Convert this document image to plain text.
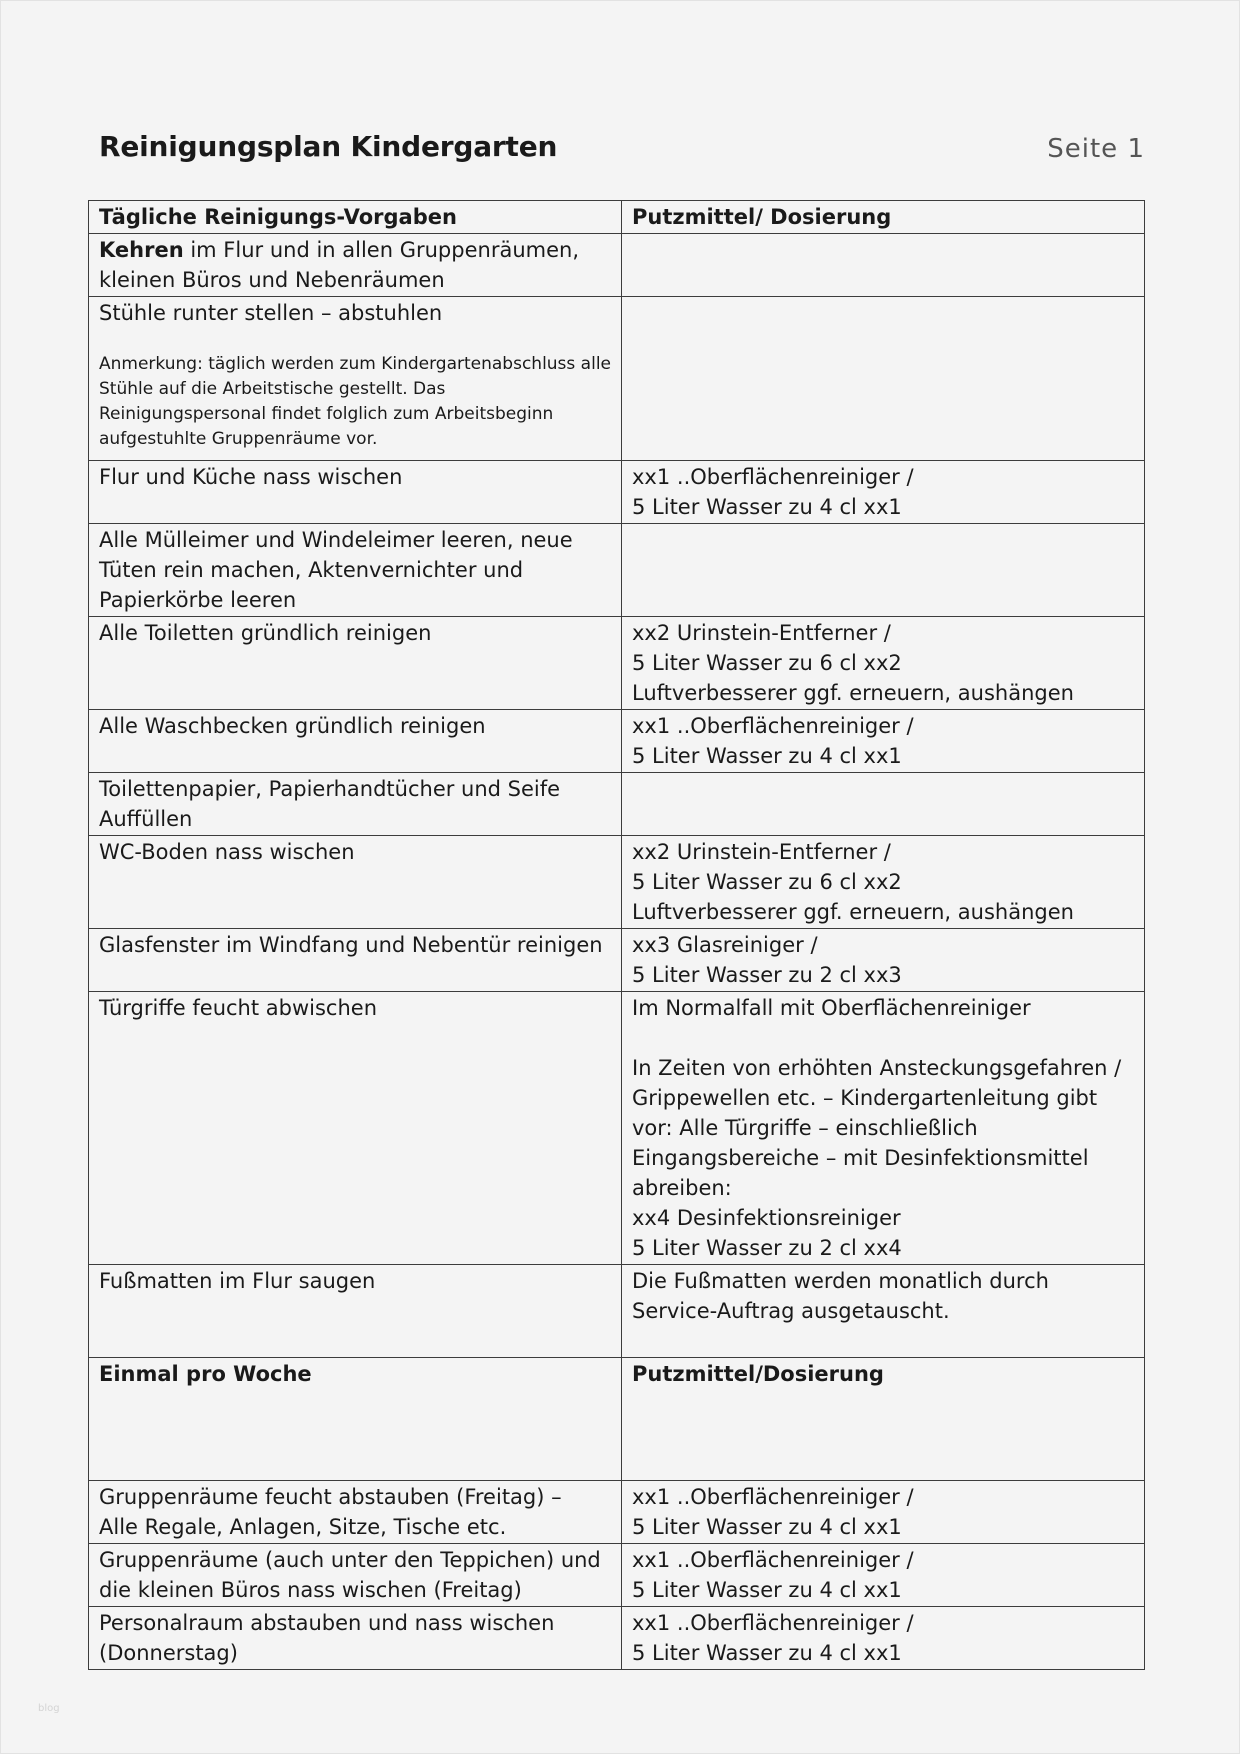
Reinigungsplan Kindergarten	Seite 1
Tägliche Reinigungs-Vorgaben	Putzmittel/ Dosierung
Kehren im Flur und in allen Gruppenräumen, kleinen Büros und Nebenräumen	

Stühle runter stellen – abstuhlen
Anmerkung: täglich werden zum Kindergartenabschluss alle Stühle auf die Arbeitstische gestellt. Das Reinigungspersonal findet folglich zum Arbeitsbeginn aufgestuhlte Gruppenräume vor.	

Flur und Küche nass wischen	xx1 ..Oberflächenreiniger /
5 Liter Wasser zu 4 cl xx1

Alle Mülleimer und Windeleimer leeren, neue Tüten rein machen, Aktenvernichter und Papierkörbe leeren	
Alle Toiletten gründlich reinigen	xx2 Urinstein-Entferner /
5 Liter Wasser zu 6 cl xx2
Luftverbesserer ggf. erneuern, aushängen

Alle Waschbecken gründlich reinigen	xx1 ..Oberflächenreiniger /
5 Liter Wasser zu 4 cl xx1

Toilettenpapier, Papierhandtücher und Seife Auffüllen	
WC-Boden nass wischen	xx2 Urinstein-Entferner /
5 Liter Wasser zu 6 cl xx2
Luftverbesserer ggf. erneuern, aushängen

Glasfenster im Windfang und Nebentür reinigen	xx3 Glasreiniger /
5 Liter Wasser zu 2 cl xx3

Türgriffe feucht abwischen	Im Normalfall mit Oberflächenreiniger
In Zeiten von erhöhten Ansteckungsgefahren / Grippewellen etc. – Kindergartenleitung gibt vor: Alle Türgriffe – einschließlich Eingangsbereiche – mit Desinfektionsmittel abreiben:
xx4 Desinfektionsreiniger
5 Liter Wasser zu 2 cl xx4

Fußmatten im Flur saugen	Die Fußmatten werden monatlich durch Service-Auftrag ausgetauscht.
Einmal pro Woche	Putzmittel/Dosierung

Gruppenräume feucht abstauben (Freitag) –
Alle Regale, Anlagen, Sitze, Tische etc.	xx1 ..Oberflächenreiniger /
5 Liter Wasser zu 4 cl xx1

Gruppenräume (auch unter den Teppichen) und die kleinen Büros nass wischen (Freitag)	xx1 ..Oberflächenreiniger /
5 Liter Wasser zu 4 cl xx1

Personalraum abstauben und nass wischen (Donnerstag)	xx1 ..Oberflächenreiniger /
5 Liter Wasser zu 4 cl xx1
blog
